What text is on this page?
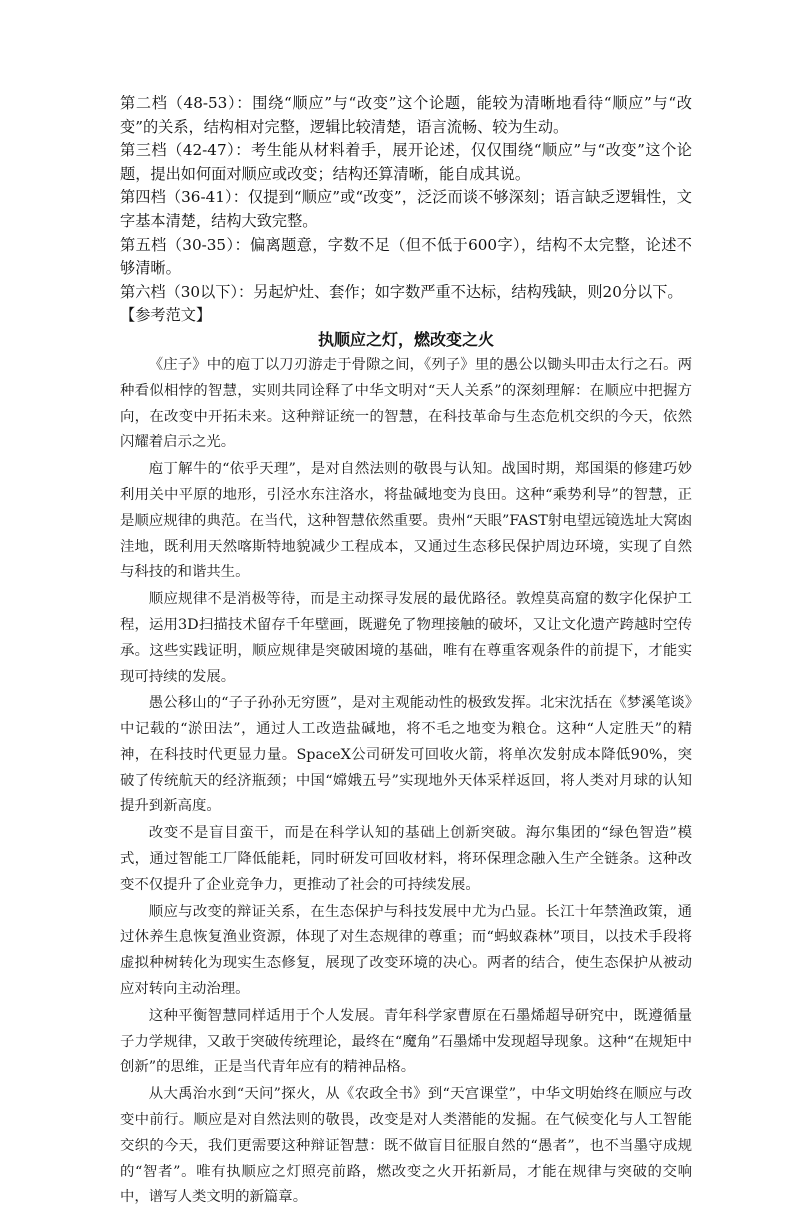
第二档（48-53）：围绕“顺应”与“改变”这个论题，能较为清晰地看待“顺应”与“改变”的关系，结构相对完整，逻辑比较清楚，语言流畅、较为生动。

第三档（42-47）：考生能从材料着手，展开论述，仅仅围绕“顺应”与“改变”这个论题，提出如何面对顺应或改变；结构还算清晰，能自成其说。

第四档（36-41）：仅提到“顺应”或“改变”，泛泛而谈不够深刻；语言缺乏逻辑性，文字基本清楚，结构大致完整。

第五档（30-35）：偏离题意，字数不足（但不低于600字），结构不太完整，论述不够清晰。

第六档（30以下）：另起炉灶、套作；如字数严重不达标，结构残缺，则20分以下。

【参考范文】

执顺应之灯，燃改变之火

《庄子》中的庖丁以刀刃游走于骨隙之间，《列子》里的愚公以锄头叩击太行之石。两种看似相悖的智慧，实则共同诠释了中华文明对“天人关系”的深刻理解：在顺应中把握方向，在改变中开拓未来。这种辩证统一的智慧，在科技革命与生态危机交织的今天，依然闪耀着启示之光。

庖丁解牛的“依乎天理”，是对自然法则的敬畏与认知。战国时期，郑国渠的修建巧妙利用关中平原的地形，引泾水东注洛水，将盐碱地变为良田。这种“乘势利导”的智慧，正是顺应规律的典范。在当代，这种智慧依然重要。贵州“天眼”FAST射电望远镜选址大窝凼洼地，既利用天然喀斯特地貌减少工程成本，又通过生态移民保护周边环境，实现了自然与科技的和谐共生。

顺应规律不是消极等待，而是主动探寻发展的最优路径。敦煌莫高窟的数字化保护工程，运用3D扫描技术留存千年壁画，既避免了物理接触的破坏，又让文化遗产跨越时空传承。这些实践证明，顺应规律是突破困境的基础，唯有在尊重客观条件的前提下，才能实现可持续的发展。

愚公移山的“子子孙孙无穷匮”，是对主观能动性的极致发挥。北宋沈括在《梦溪笔谈》中记载的“淤田法”，通过人工改造盐碱地，将不毛之地变为粮仓。这种“人定胜天”的精神，在科技时代更显力量。SpaceX公司研发可回收火箭，将单次发射成本降低90%，突破了传统航天的经济瓶颈；中国“嫦娥五号”实现地外天体采样返回，将人类对月球的认知提升到新高度。

改变不是盲目蛮干，而是在科学认知的基础上创新突破。海尔集团的“绿色智造”模式，通过智能工厂降低能耗，同时研发可回收材料，将环保理念融入生产全链条。这种改变不仅提升了企业竞争力，更推动了社会的可持续发展。

顺应与改变的辩证关系，在生态保护与科技发展中尤为凸显。长江十年禁渔政策，通过休养生息恢复渔业资源，体现了对生态规律的尊重；而“蚂蚁森林”项目，以技术手段将虚拟种树转化为现实生态修复，展现了改变环境的决心。两者的结合，使生态保护从被动应对转向主动治理。

这种平衡智慧同样适用于个人发展。青年科学家曹原在石墨烯超导研究中，既遵循量子力学规律，又敢于突破传统理论，最终在“魔角”石墨烯中发现超导现象。这种“在规矩中创新”的思维，正是当代青年应有的精神品格。

从大禹治水到“天问”探火，从《农政全书》到“天宫课堂”，中华文明始终在顺应与改变中前行。顺应是对自然法则的敬畏，改变是对人类潜能的发掘。在气候变化与人工智能交织的今天，我们更需要这种辩证智慧：既不做盲目征服自然的“愚者”，也不当墨守成规的“智者”。唯有执顺应之灯照亮前路，燃改变之火开拓新局，才能在规律与突破的交响中，谱写人类文明的新篇章。
